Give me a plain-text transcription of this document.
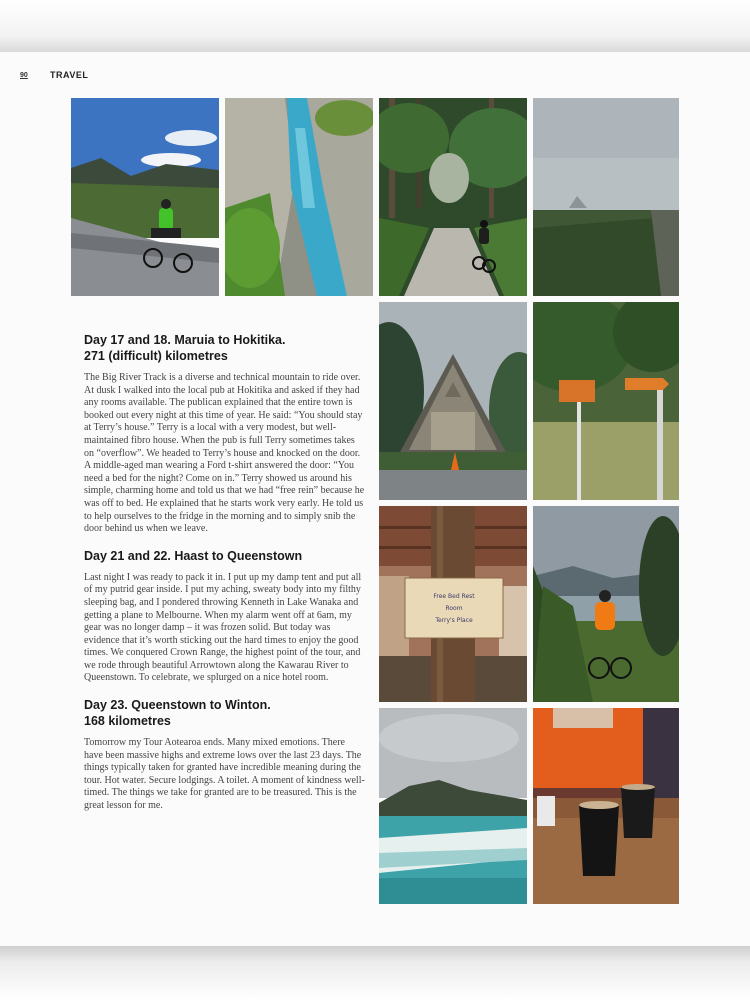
90 TRAVEL
Free Bed Rest
Room
Terry's Place
Day 17 and 18. Maruia to Hokitika.
271 (difficult) kilometres

The Big River Track is a diverse and technical mountain to ride over. At dusk I walked into the local pub at Hokitika and asked if they had any rooms available. The publican explained that the entire town is booked out every night at this time of year. He said: “You should stay at Terry’s house.” Terry is a local with a very modest, but well-maintained fibro house. When the pub is full Terry sometimes takes on “overflow”. We headed to Terry’s house and knocked on the door. A middle-aged man wearing a Ford t-shirt answered the door: “You need a bed for the night? Come on in.” Terry showed us around his simple, charming home and told us that we had “free rein” because he was off to bed. He explained that he starts work very early. He told us to help ourselves to the fridge in the morning and to simply snib the door behind us when we leave.

Day 21 and 22. Haast to Queenstown

Last night I was ready to pack it in. I put up my damp tent and put all of my putrid gear inside. I put my aching, sweaty body into my filthy sleeping bag, and I pondered throwing Kenneth in Lake Wanaka and getting a plane to Melbourne. When my alarm went off at 6am, my gear was no longer damp – it was frozen solid. But today was evidence that it’s worth sticking out the hard times to enjoy the good times. We conquered Crown Range, the highest point of the tour, and we rode through beautiful Arrowtown along the Kawarau River to Queenstown. To celebrate, we splurged on a nice hotel room.

Day 23. Queenstown to Winton.
168 kilometres

Tomorrow my Tour Aotearoa ends. Many mixed emotions. There have been massive highs and extreme lows over the last 23 days. The things typically taken for granted have incredible meaning during the tour. Hot water. Secure lodgings. A toilet. A moment of kindness well-timed. The things we take for granted are to be treasured. This is the great lesson for me.
